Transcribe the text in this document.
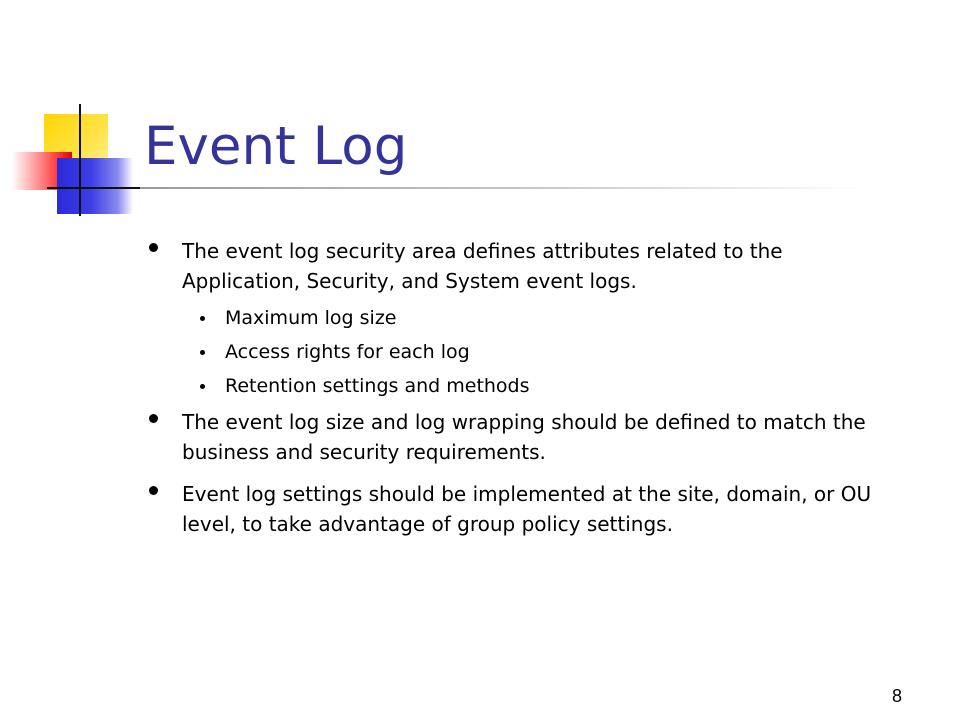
Event Log
The event log security area defines attributes related to the Application, Security, and System event logs.
Maximum log size
Access rights for each log
Retention settings and methods
The event log size and log wrapping should be defined to match the business and security requirements.
Event log settings should be implemented at the site, domain, or OU level, to take advantage of group policy settings.
8
